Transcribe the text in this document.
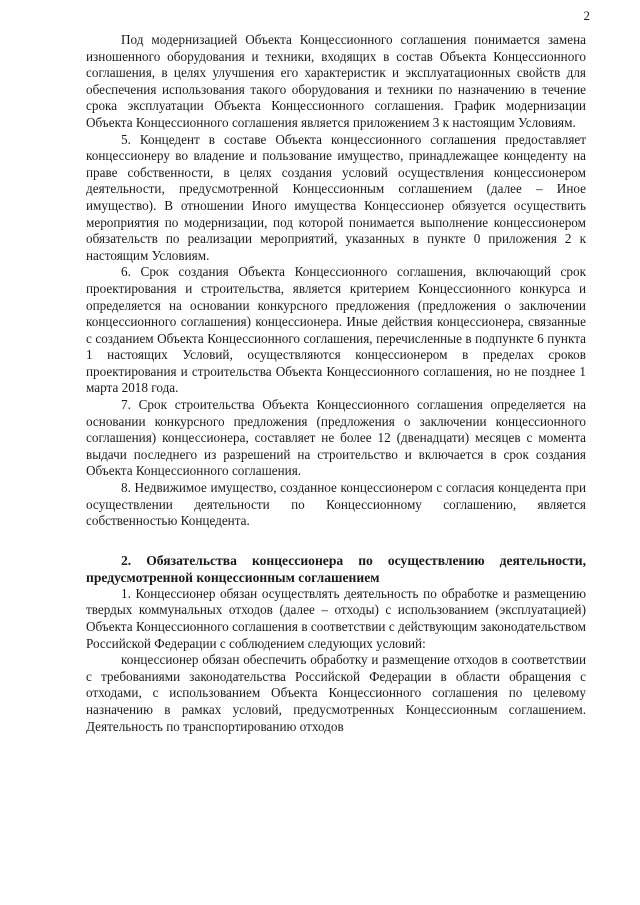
2

Под модернизацией Объекта Концессионного соглашения понимается замена изношенного оборудования и техники, входящих в состав Объекта Концессионного соглашения, в целях улучшения его характеристик и эксплуатационных свойств для обеспечения использования такого оборудования и техники по назначению в течение срока эксплуатации Объекта Концессионного соглашения. График модернизации Объекта Концессионного соглашения является приложением 3 к настоящим Условиям.

5. Концедент в составе Объекта концессионного соглашения предоставляет концессионеру во владение и пользование имущество, принадлежащее концеденту на праве собственности, в целях создания условий осуществления концессионером деятельности, предусмотренной Концессионным соглашением (далее – Иное имущество). В отношении Иного имущества Концессионер обязуется осуществить мероприятия по модернизации, под которой понимается выполнение концессионером обязательств по реализации мероприятий, указанных в пункте 0 приложения 2 к настоящим Условиям.

6. Срок создания Объекта Концессионного соглашения, включающий срок проектирования и строительства, является критерием Концессионного конкурса и определяется на основании конкурсного предложения (предложения о заключении концессионного соглашения) концессионера. Иные действия концессионера, связанные с созданием Объекта Концессионного соглашения, перечисленные в подпункте 6 пункта 1 настоящих Условий, осуществляются концессионером в пределах сроков проектирования и строительства Объекта Концессионного соглашения, но не позднее 1 марта 2018 года.

7. Срок строительства Объекта Концессионного соглашения определяется на основании конкурсного предложения (предложения о заключении концессионного соглашения) концессионера, составляет не более 12 (двенадцати) месяцев с момента выдачи последнего из разрешений на строительство и включается в срок создания Объекта Концессионного соглашения.

8. Недвижимое имущество, созданное концессионером с согласия концедента при осуществлении деятельности по Концессионному соглашению, является собственностью Концедента.

2. Обязательства концессионера по осуществлению деятельности, предусмотренной концессионным соглашением

1. Концессионер обязан осуществлять деятельность по обработке и размещению твердых коммунальных отходов (далее – отходы) с использованием (эксплуатацией) Объекта Концессионного соглашения в соответствии с действующим законодательством Российской Федерации с соблюдением следующих условий:

концессионер обязан обеспечить обработку и размещение отходов в соответствии с требованиями законодательства Российской Федерации в области обращения с отходами, с использованием Объекта Концессионного соглашения по целевому назначению в рамках условий, предусмотренных Концессионным соглашением. Деятельность по транспортированию отходов
